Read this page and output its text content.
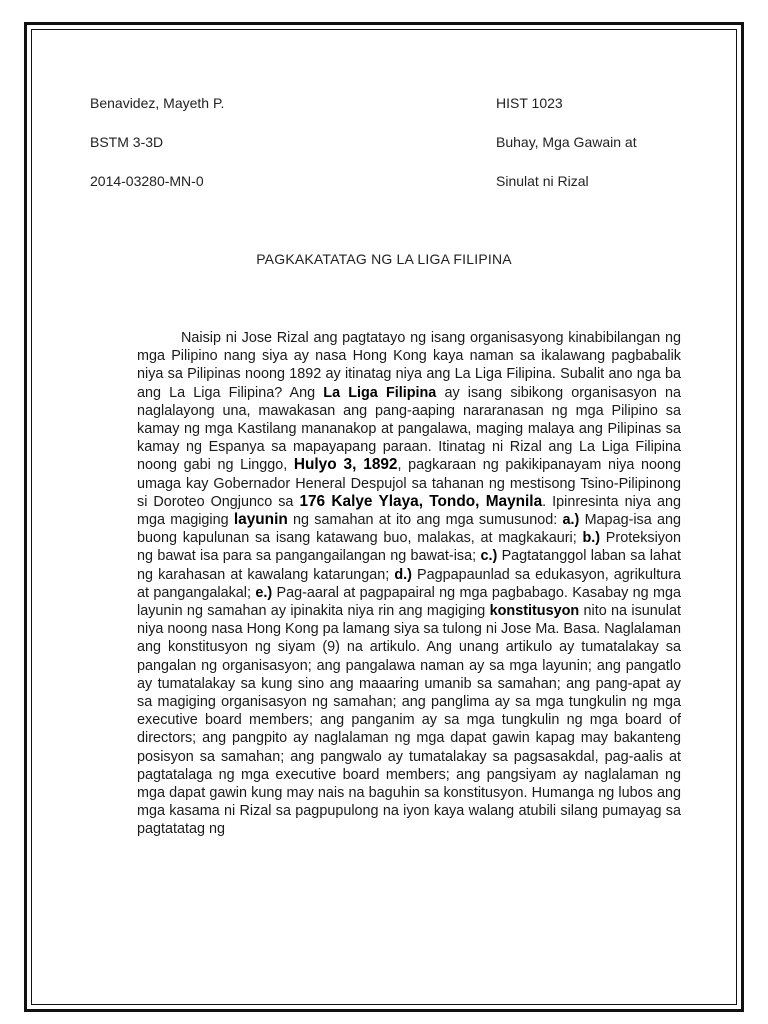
Benavidez, Mayeth P.
BSTM 3-3D
2014-03280-MN-0
HIST 1023
Buhay, Mga Gawain at
Sinulat ni Rizal
PAGKAKATATAG NG LA LIGA FILIPINA

Naisip ni Jose Rizal ang pagtatayo ng isang organisasyong kinabibilangan ng mga Pilipino nang siya ay nasa Hong Kong kaya naman sa ikalawang pagbabalik niya sa Pilipinas noong 1892 ay itinatag niya ang La Liga Filipina. Subalit ano nga ba ang La Liga Filipina? Ang La Liga Filipina ay isang sibikong organisasyon na naglalayong una, mawakasan ang pang-aaping nararanasan ng mga Pilipino sa kamay ng mga Kastilang mananakop at pangalawa, maging malaya ang Pilipinas sa kamay ng Espanya sa mapayapang paraan. Itinatag ni Rizal ang La Liga Filipina noong gabi ng Linggo, Hulyo 3, 1892, pagkaraan ng pakikipanayam niya noong umaga kay Gobernador Heneral Despujol sa tahanan ng mestisong Tsino-Pilipinong si Doroteo Ongjunco sa 176 Kalye Ylaya, Tondo, Maynila. Ipinresinta niya ang mga magiging layunin ng samahan at ito ang mga sumusunod: a.) Mapag-isa ang buong kapulunan sa isang katawang buo, malakas, at magkakauri; b.) Proteksiyon ng bawat isa para sa pangangailangan ng bawat-isa; c.) Pagtatanggol laban sa lahat ng karahasan at kawalang katarungan; d.) Pagpapaunlad sa edukasyon, agrikultura at pangangalakal; e.) Pag-aaral at pagpapairal ng mga pagbabago. Kasabay ng mga layunin ng samahan ay ipinakita niya rin ang magiging konstitusyon nito na isunulat niya noong nasa Hong Kong pa lamang siya sa tulong ni Jose Ma. Basa. Naglalaman ang konstitusyon ng siyam (9) na artikulo. Ang unang artikulo ay tumatalakay sa pangalan ng organisasyon; ang pangalawa naman ay sa mga layunin; ang pangatlo ay tumatalakay sa kung sino ang maaaring umanib sa samahan; ang pang-apat ay sa magiging organisasyon ng samahan; ang panglima ay sa mga tungkulin ng mga executive board members; ang panganim ay sa mga tungkulin ng mga board of directors; ang pangpito ay naglalaman ng mga dapat gawin kapag may bakanteng posisyon sa samahan; ang pangwalo ay tumatalakay sa pagsasakdal, pag-aalis at pagtatalaga ng mga executive board members; ang pangsiyam ay naglalaman ng mga dapat gawin kung may nais na baguhin sa konstitusyon. Humanga ng lubos ang mga kasama ni Rizal sa pagpupulong na iyon kaya walang atubili silang pumayag sa pagtatatag ng
